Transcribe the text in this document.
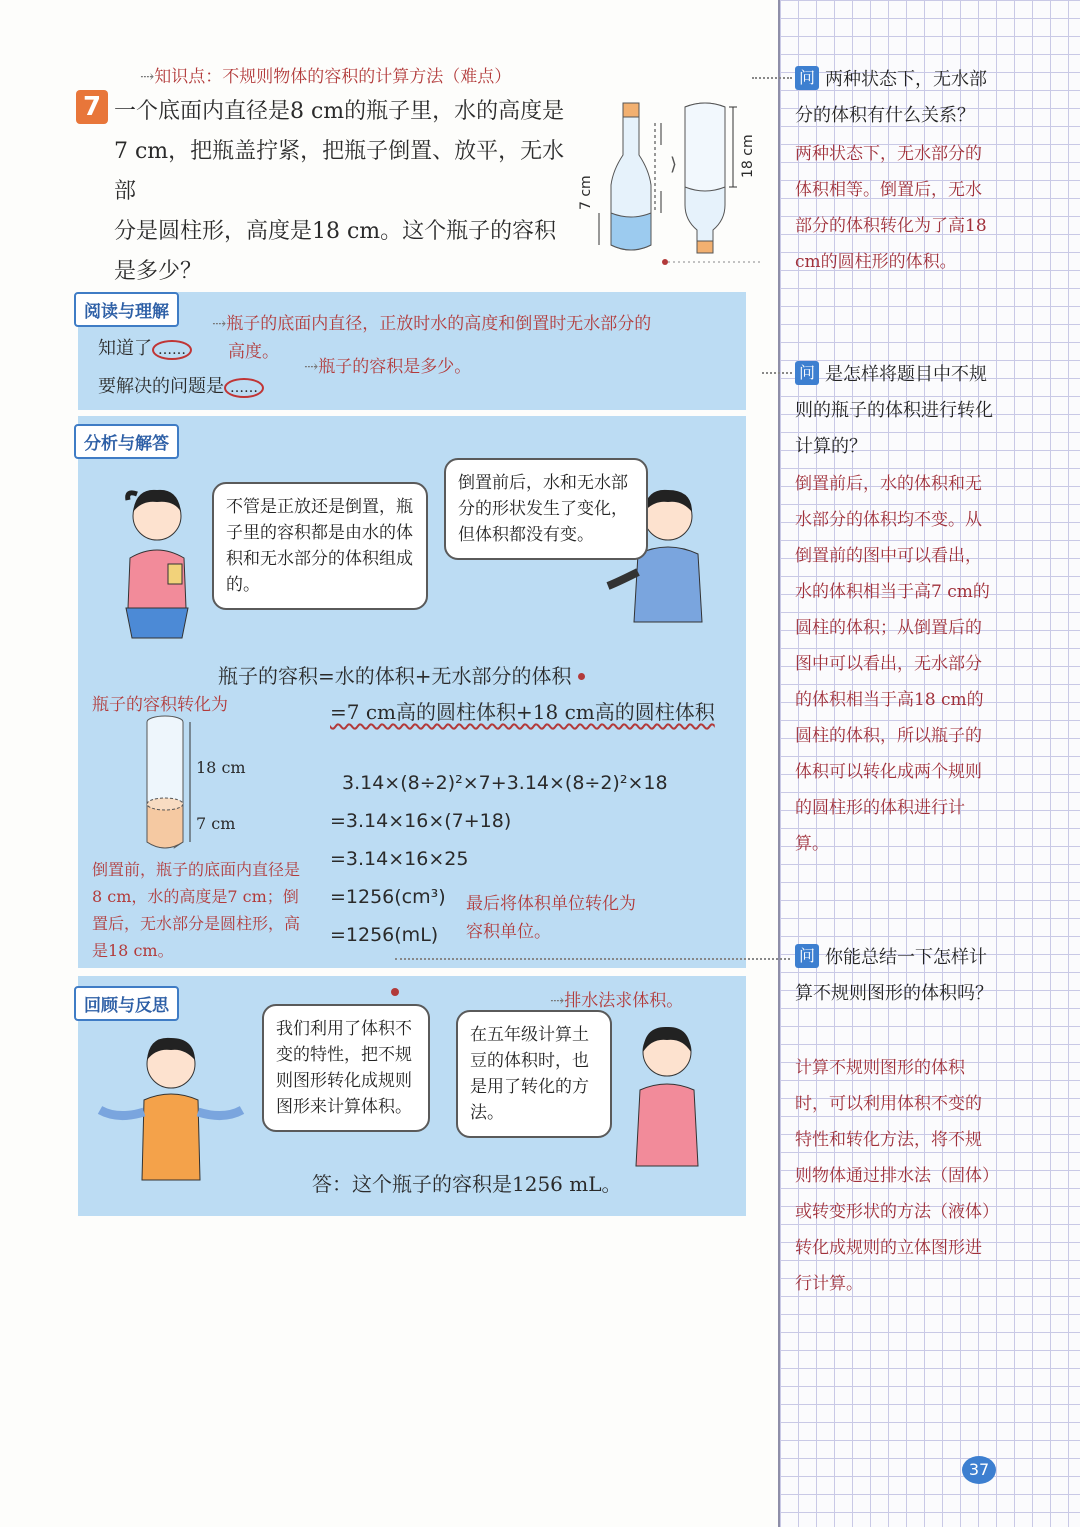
⇢知识点：不规则物体的容积的计算方法（难点）
7 一个底面内直径是8 cm的瓶子里，水的高度是
7 cm，把瓶盖拧紧，把瓶子倒置、放平，无水部
分是圆柱形，高度是18 cm。这个瓶子的容积
是多少？
⟩
7 cm
18 cm
阅读与理解
知道了 ……
⇢瓶子的底面内直径，正放时水的高度和倒置时无水部分的
高度。
要解决的问题是 ……
⇢瓶子的容积是多少。
分析与解答
不管是正放还是倒置，瓶子里的容积都是由水的体积和无水部分的体积组成的。
倒置前后，水和无水部分的形状发生了变化，但体积都没有变。
瓶子的容积=水的体积+无水部分的体积
瓶子的容积转化为	=7 cm高的圆柱体积+18 cm高的圆柱体积
18 cm
7 cm
3.14×(8÷2)²×7+3.14×(8÷2)²×18
=3.14×16×(7+18)
=3.14×16×25
=1256(cm³)
=1256(mL)
最后将体积单位转化为
容积单位。
倒置前，瓶子的底面内直径是8 cm，水的高度是7 cm；倒置后，无水部分是圆柱形，高是18 cm。
回顾与反思
我们利用了体积不变的特性，把不规则图形转化成规则图形来计算体积。
在五年级计算土豆的体积时，也是用了转化的方法。
⇢排水法求体积。
答：这个瓶子的容积是1256 mL。
问 两种状态下，无水部分的体积有什么关系？
两种状态下，无水部分的体积相等。倒置后，无水部分的体积转化为了高18 cm的圆柱形的体积。
问 是怎样将题目中不规则的瓶子的体积进行转化计算的？
倒置前后，水的体积和无水部分的体积均不变。从倒置前的图中可以看出，水的体积相当于高7 cm的圆柱的体积；从倒置后的图中可以看出，无水部分的体积相当于高18 cm的圆柱的体积，所以瓶子的体积可以转化成两个规则的圆柱形的体积进行计算。
问 你能总结一下怎样计算不规则图形的体积吗？
计算不规则图形的体积时，可以利用体积不变的特性和转化方法，将不规则物体通过排水法（固体）或转变形状的方法（液体）转化成规则的立体图形进行计算。
37
